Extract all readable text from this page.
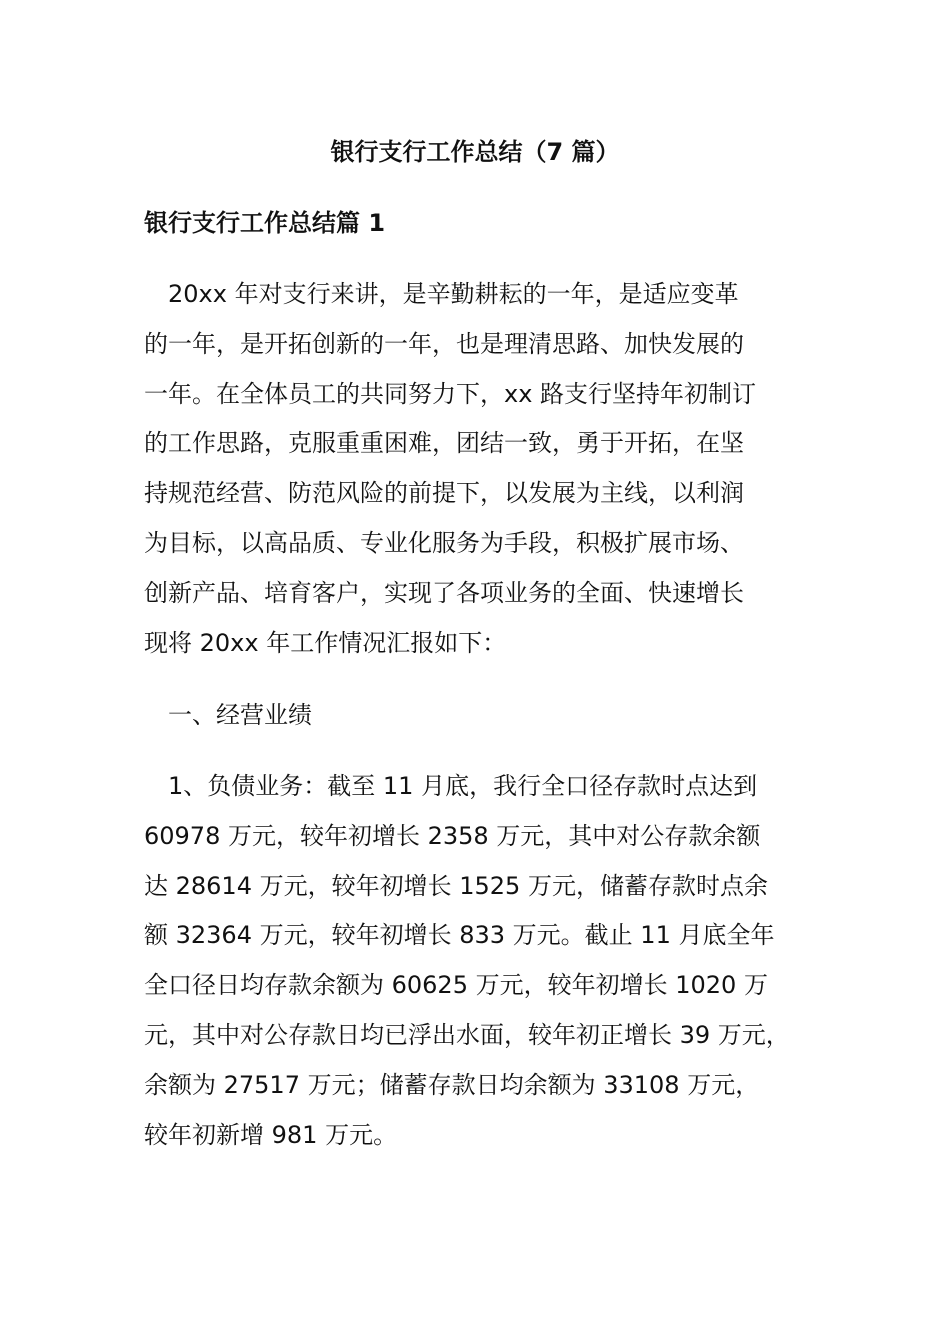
银行支行工作总结（7 篇）
银行支行工作总结篇 1

　20xx 年对支行来讲，是辛勤耕耘的一年，是适应变革
的一年，是开拓创新的一年，也是理清思路、加快发展的
一年。在全体员工的共同努力下，xx 路支行坚持年初制订
的工作思路，克服重重困难，团结一致，勇于开拓，在坚
持规范经营、防范风险的前提下，以发展为主线，以利润
为目标，以高品质、专业化服务为手段，积极扩展市场、
创新产品、培育客户，实现了各项业务的全面、快速增长
现将 20xx 年工作情况汇报如下：

　一、经营业绩

　1、负债业务：截至 11 月底，我行全口径存款时点达到
60978 万元，较年初增长 2358 万元，其中对公存款余额
达 28614 万元，较年初增长 1525 万元，储蓄存款时点余
额 32364 万元，较年初增长 833 万元。截止 11 月底全年
全口径日均存款余额为 60625 万元，较年初增长 1020 万
元，其中对公存款日均已浮出水面，较年初正增长 39 万元，
余额为 27517 万元；储蓄存款日均余额为 33108 万元，
较年初新增 981 万元。
